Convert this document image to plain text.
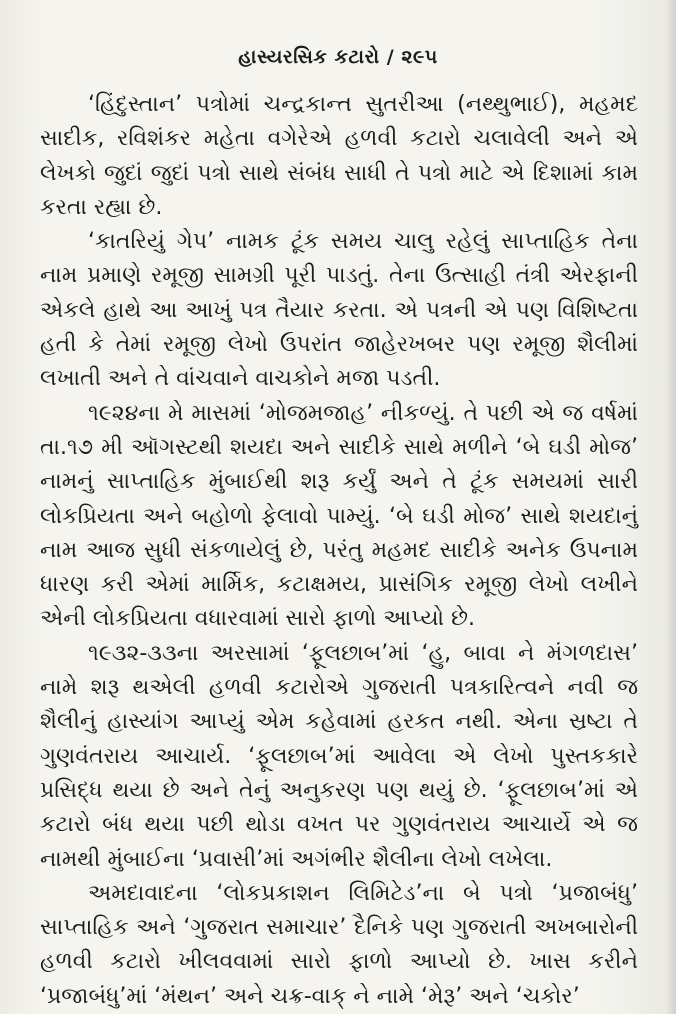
હાસ્યરસિક કટારો / ૨૯૫

‘હિંદુસ્તાન’ પત્રોમાં ચન્દ્રકાન્ત સુતરીઆ (નથ્થુભાઈ), મહમદ સાદીક, રવિશંકર મહેતા વગેરેએ હળવી કટારો ચલાવેલી અને એ લેખકો જુદાં જુદાં પત્રો સાથે સંબંધ સાધી તે પત્રો માટે એ દિશામાં કામ કરતા રહ્યા છે.

‘કાતરિયું ગેપ’ નામક ટૂંક સમય ચાલુ રહેલું સાપ્તાહિક તેના નામ પ્રમાણે રમૂજી સામગ્રી પૂરી પાડતું. તેના ઉત્સાહી તંત્રી એરફાની એકલે હાથે આ આખું પત્ર તૈયાર કરતા. એ પત્રની એ પણ વિશિષ્ટતા હતી કે તેમાં રમૂજી લેખો ઉપરાંત જાહેરખબર પણ રમૂજી શૈલીમાં લખાતી અને તે વાંચવાને વાચકોને મજા પડતી.

૧૯૨૪ના મે માસમાં ‘મોજમજાહ’ નીકળ્યું. તે પછી એ જ વર્ષમાં તા.૧૭ મી ઑગસ્ટથી શયદા અને સાદીકે સાથે મળીને ‘બે ઘડી મોજ’ નામનું સાપ્તાહિક મુંબાઈથી શરૂ કર્યું અને તે ટૂંક સમયમાં સારી લોકપ્રિયતા અને બહોળો ફેલાવો પામ્યું. ‘બે ઘડી મોજ’ સાથે શયદાનું નામ આજ સુધી સંકળાયેલું છે, પરંતુ મહમદ સાદીકે અનેક ઉપનામ ધારણ કરી એમાં માર્મિક, કટાક્ષમય, પ્રાસંગિક રમૂજી લેખો લખીને એની લોકપ્રિયતા વધારવામાં સારો ફાળો આપ્યો છે.

૧૯૩૨-૩૩ના અરસામાં ‘ફૂલછાબ’માં ‘હુ, બાવા ને મંગળદાસ’ નામે શરૂ થએલી હળવી કટારોએ ગુજરાતી પત્રકારિત્વને નવી જ શૈલીનું હાસ્યાંગ આપ્યું એમ કહેવામાં હરકત નથી. એના સ્રષ્ટા તે ગુણવંતરાય આચાર્ય. ‘ફૂલછાબ’માં આવેલા એ લેખો પુસ્તકકારે પ્રસિદ્ધ થયા છે અને તેનું અનુકરણ પણ થયું છે. ‘ફૂલછાબ’માં એ કટારો બંધ થયા પછી થોડા વખત પર ગુણવંતરાય આચાર્યે એ જ નામથી મુંબાઈના ‘પ્રવાસી’માં અગંભીર શૈલીના લેખો લખેલા.

અમદાવાદના ‘લોકપ્રકાશન લિમિટેડ’ના બે પત્રો ‘પ્રજાબંધુ’ સાપ્તાહિક અને ‘ગુજરાત સમાચાર’ દૈનિકે પણ ગુજરાતી અખબારોની હળવી કટારો ખીલવવામાં સારો ફાળો આપ્યો છે. ખાસ કરીને ‘પ્રજાબંધુ’માં ‘મંથન’ અને ચક્ર-વાક્ ને નામે ‘મેરૂ’ અને ‘ચકોર’
